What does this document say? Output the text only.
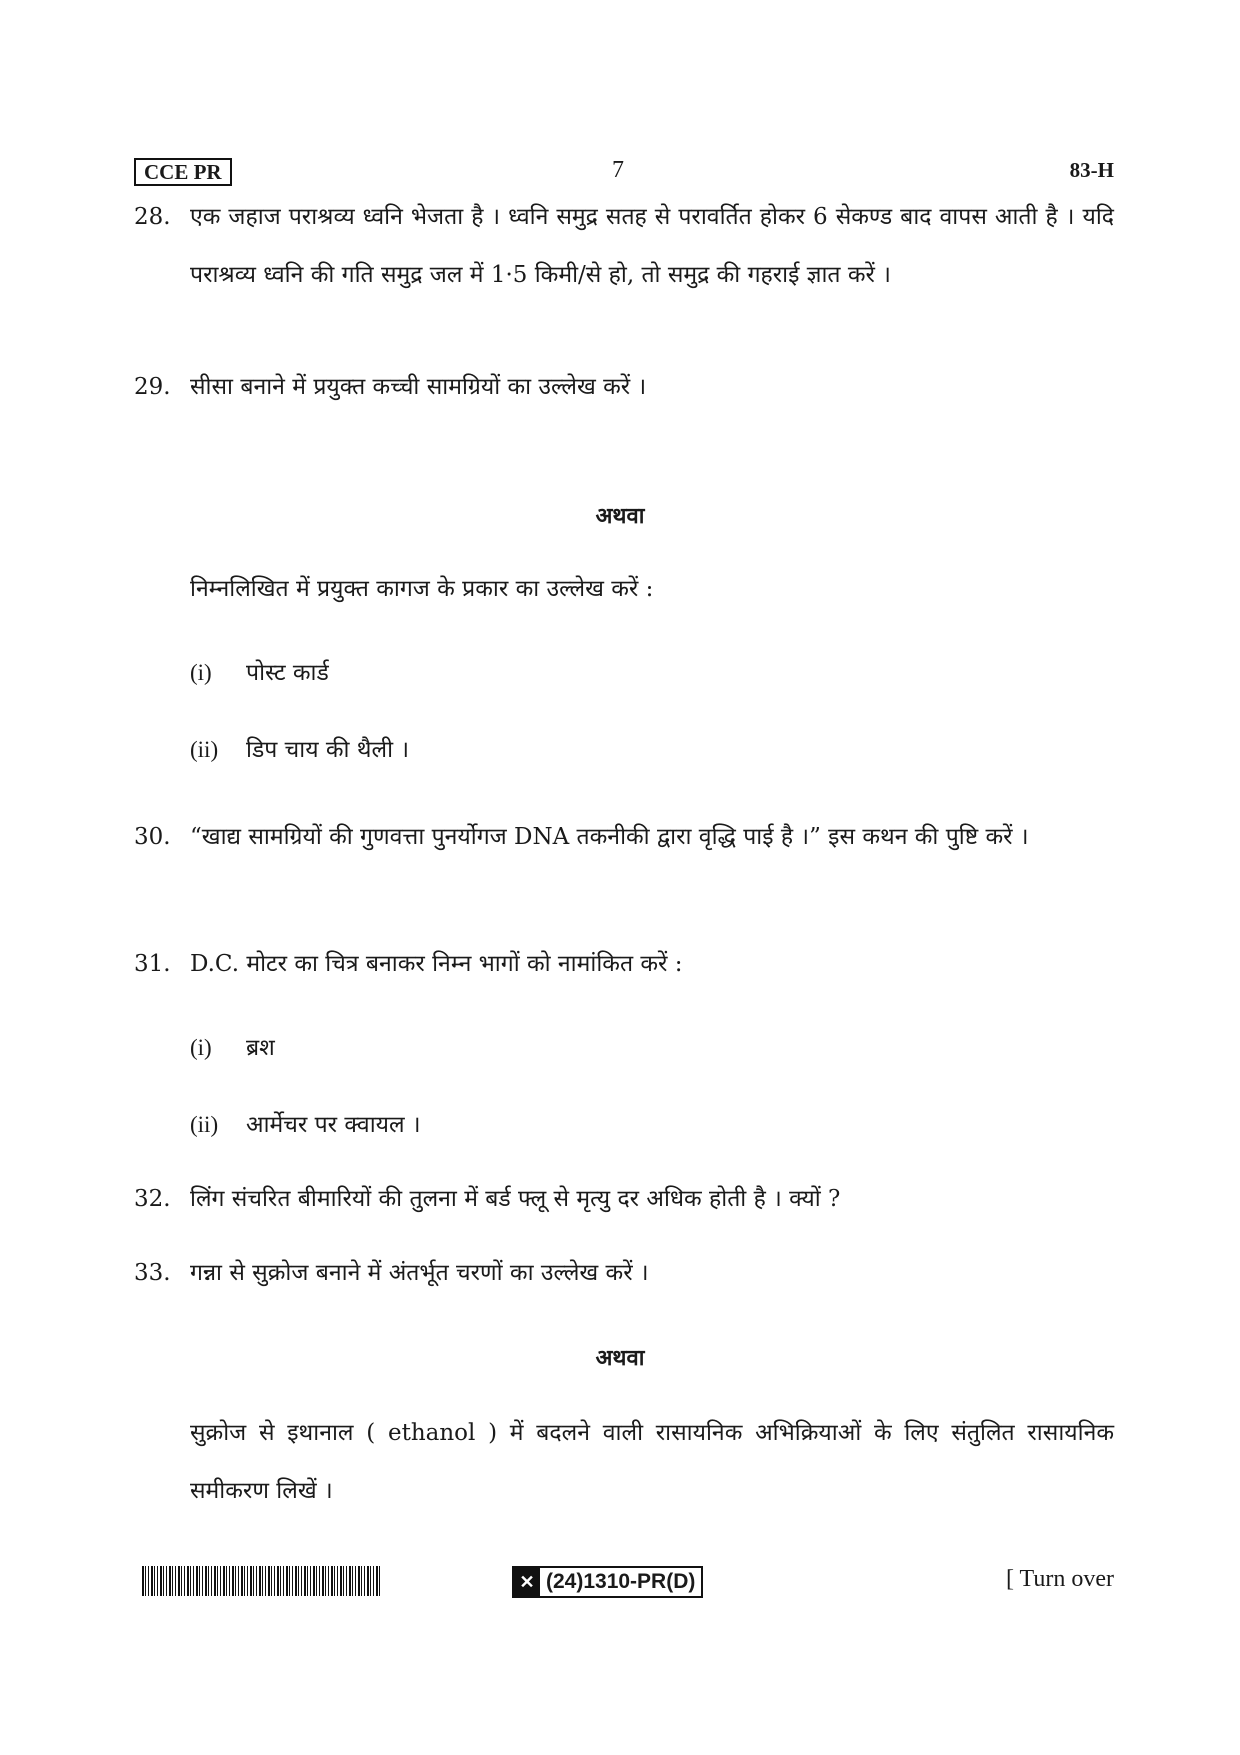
CCE PR	7	83-H
28. एक जहाज पराश्रव्य ध्वनि भेजता है । ध्वनि समुद्र सतह से परावर्तित होकर 6 सेकण्ड बाद वापस आती है । यदि पराश्रव्य ध्वनि की गति समुद्र जल में 1·5 किमी/से हो, तो समुद्र की गहराई ज्ञात करें ।
29. सीसा बनाने में प्रयुक्त कच्ची सामग्रियों का उल्लेख करें ।
अथवा
निम्नलिखित में प्रयुक्त कागज के प्रकार का उल्लेख करें :
(i) पोस्ट कार्ड
(ii) डिप चाय की थैली ।
30. “खाद्य सामग्रियों की गुणवत्ता पुनर्योगज DNA तकनीकी द्वारा वृद्धि पाई है ।” इस कथन की पुष्टि करें ।
31. D.C. मोटर का चित्र बनाकर निम्न भागों को नामांकित करें :
(i) ब्रश
(ii) आर्मेचर पर क्वायल ।
32. लिंग संचरित बीमारियों की तुलना में बर्ड फ्लू से मृत्यु दर अधिक होती है । क्यों ?
33. गन्ना से सुक्रोज बनाने में अंतर्भूत चरणों का उल्लेख करें ।
अथवा
सुक्रोज से इथानाल ( ethanol ) में बदलने वाली रासायनिक अभिक्रियाओं के लिए संतुलित रासायनिक समीकरण लिखें ।
✕ (24)1310-PR(D)	[ Turn over
